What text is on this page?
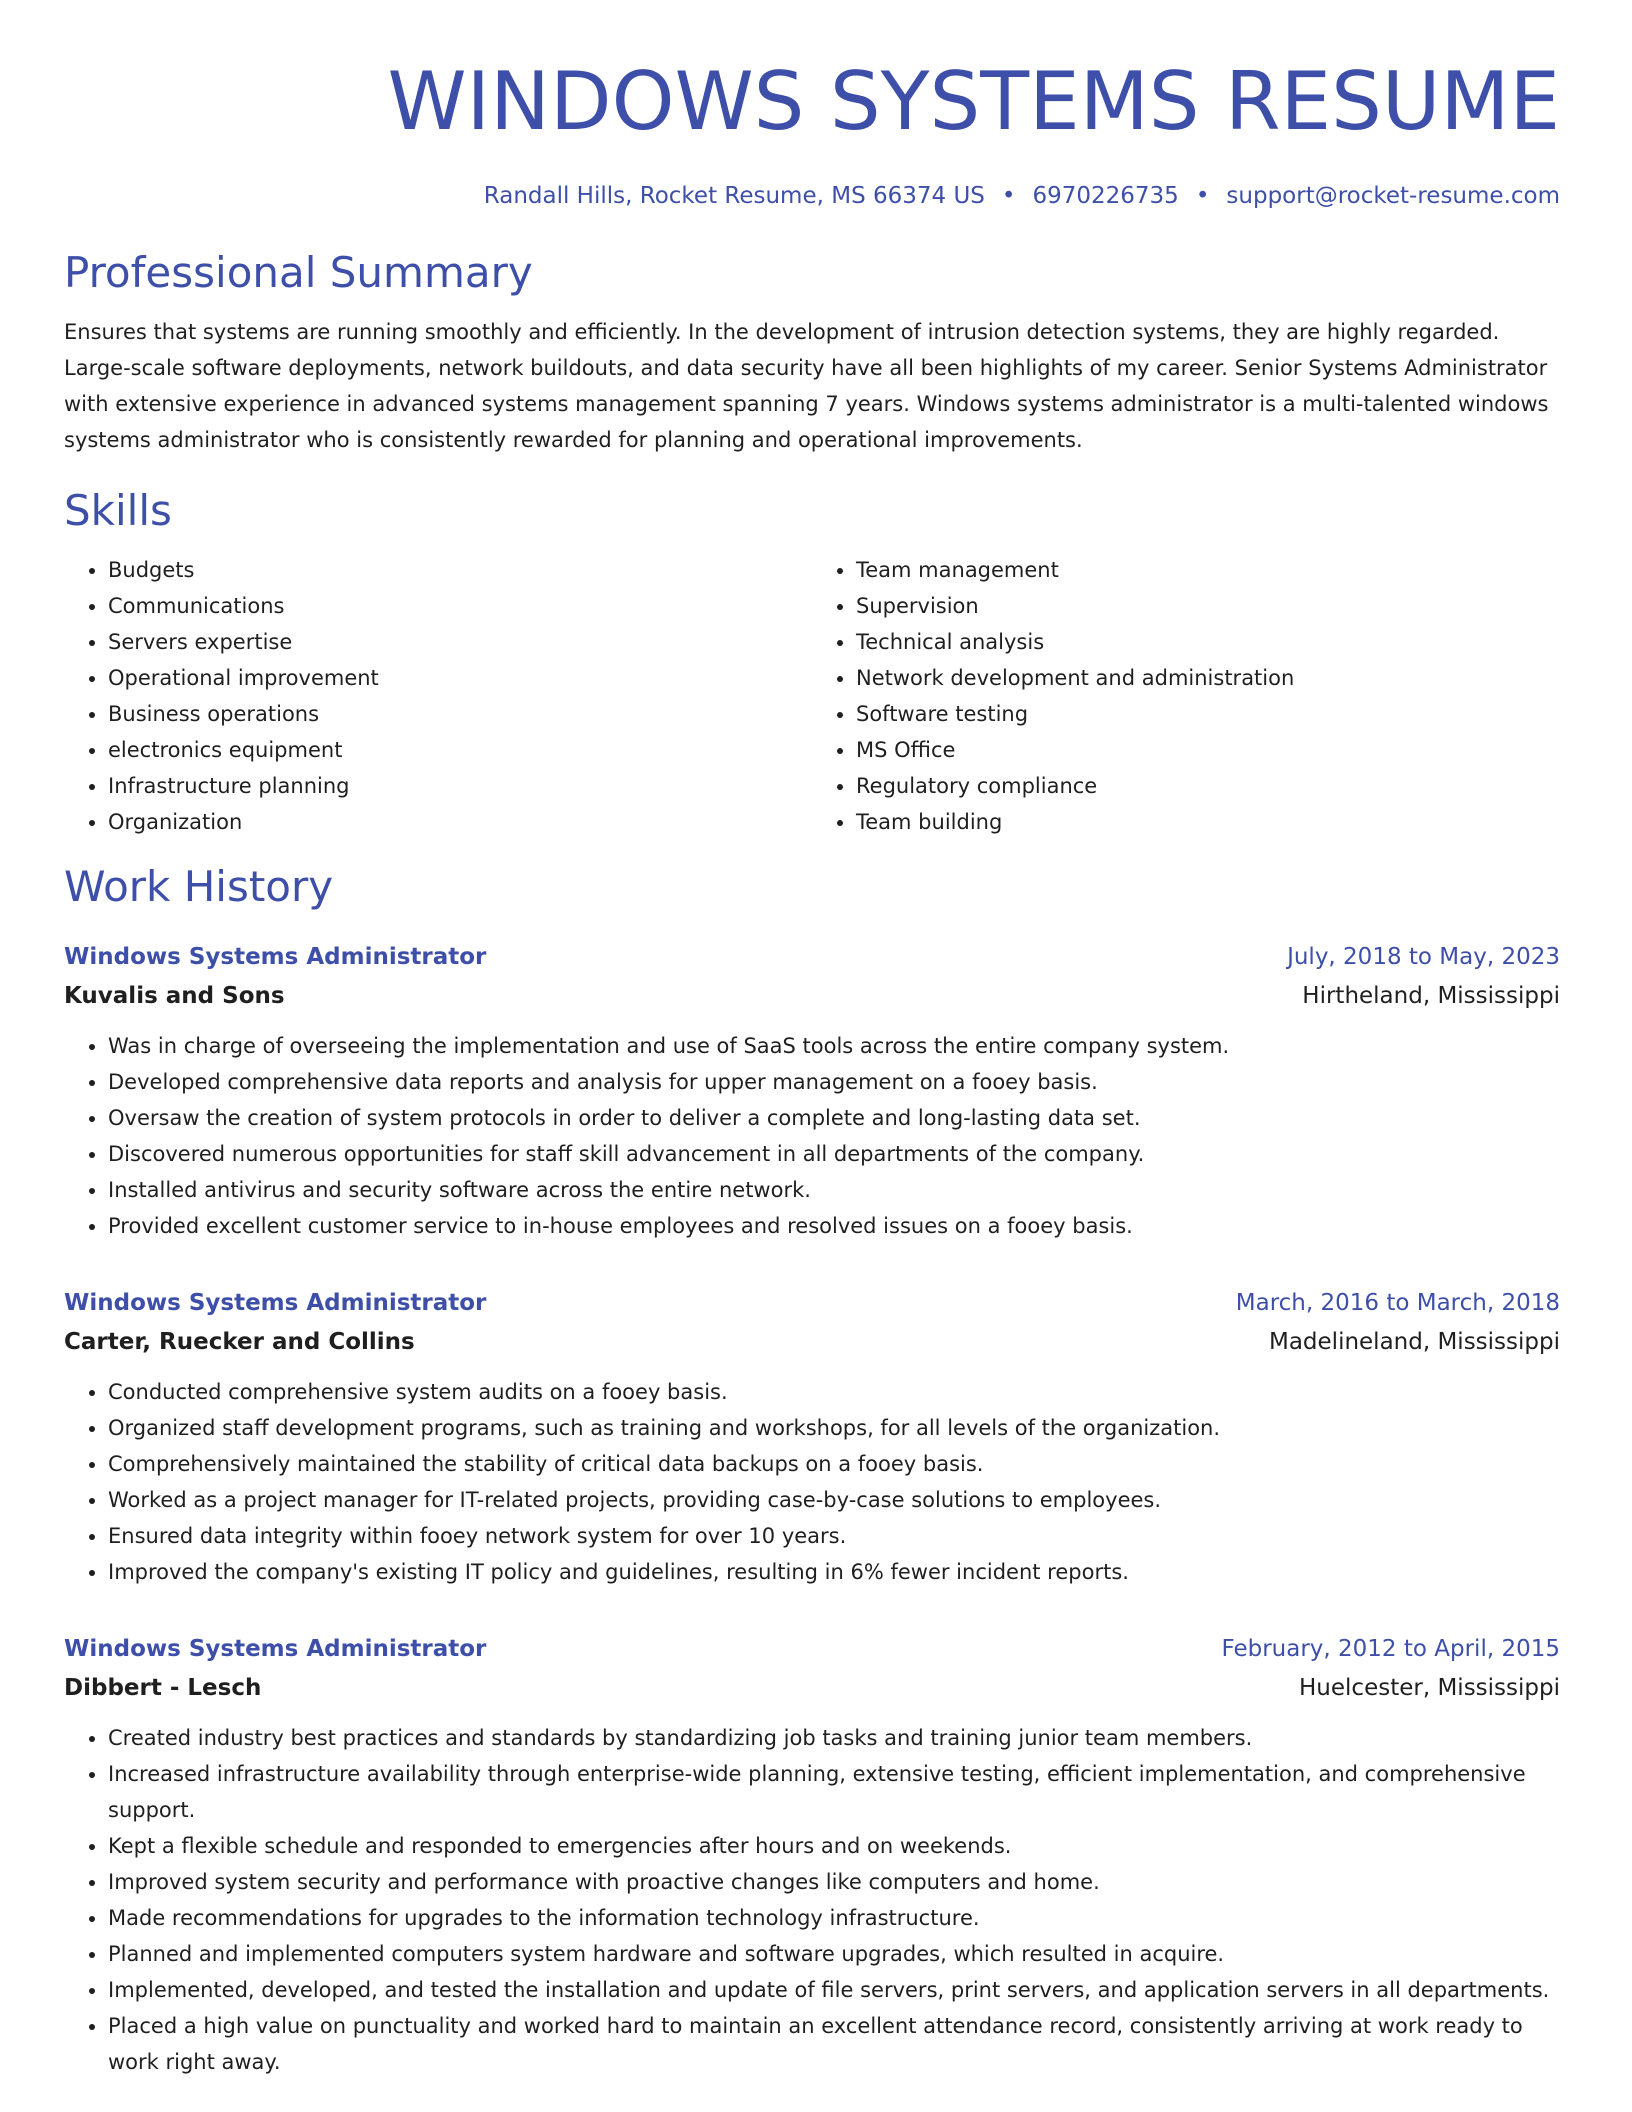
WINDOWS SYSTEMS RESUME
Randall Hills, Rocket Resume, MS 66374 US • 6970226735 • support@rocket-resume.com
Professional Summary

Ensures that systems are running smoothly and efficiently. In the development of intrusion detection systems, they are highly regarded. Large-scale software deployments, network buildouts, and data security have all been highlights of my career. Senior Systems Administrator with extensive experience in advanced systems management spanning 7 years. Windows systems administrator is a multi-talented windows systems administrator who is consistently rewarded for planning and operational improvements.

Skills
• Budgets
• Communications
• Servers expertise
• Operational improvement
• Business operations
• electronics equipment
• Infrastructure planning
• Organization
• Team management
• Supervision
• Technical analysis
• Network development and administration
• Software testing
• MS Office
• Regulatory compliance
• Team building
Work History
Windows Systems Administrator	July, 2018 to May, 2023
Kuvalis and Sons	Hirtheland, Mississippi
• Was in charge of overseeing the implementation and use of SaaS tools across the entire company system.
• Developed comprehensive data reports and analysis for upper management on a fooey basis.
• Oversaw the creation of system protocols in order to deliver a complete and long-lasting data set.
• Discovered numerous opportunities for staff skill advancement in all departments of the company.
• Installed antivirus and security software across the entire network.
• Provided excellent customer service to in-house employees and resolved issues on a fooey basis.
Windows Systems Administrator	March, 2016 to March, 2018
Carter, Ruecker and Collins	Madelineland, Mississippi
• Conducted comprehensive system audits on a fooey basis.
• Organized staff development programs, such as training and workshops, for all levels of the organization.
• Comprehensively maintained the stability of critical data backups on a fooey basis.
• Worked as a project manager for IT-related projects, providing case-by-case solutions to employees.
• Ensured data integrity within fooey network system for over 10 years.
• Improved the company's existing IT policy and guidelines, resulting in 6% fewer incident reports.
Windows Systems Administrator	February, 2012 to April, 2015
Dibbert - Lesch	Huelcester, Mississippi
• Created industry best practices and standards by standardizing job tasks and training junior team members.
• Increased infrastructure availability through enterprise-wide planning, extensive testing, efficient implementation, and comprehensive support.
• Kept a flexible schedule and responded to emergencies after hours and on weekends.
• Improved system security and performance with proactive changes like computers and home.
• Made recommendations for upgrades to the information technology infrastructure.
• Planned and implemented computers system hardware and software upgrades, which resulted in acquire.
• Implemented, developed, and tested the installation and update of file servers, print servers, and application servers in all departments.
• Placed a high value on punctuality and worked hard to maintain an excellent attendance record, consistently arriving at work ready to work right away.
